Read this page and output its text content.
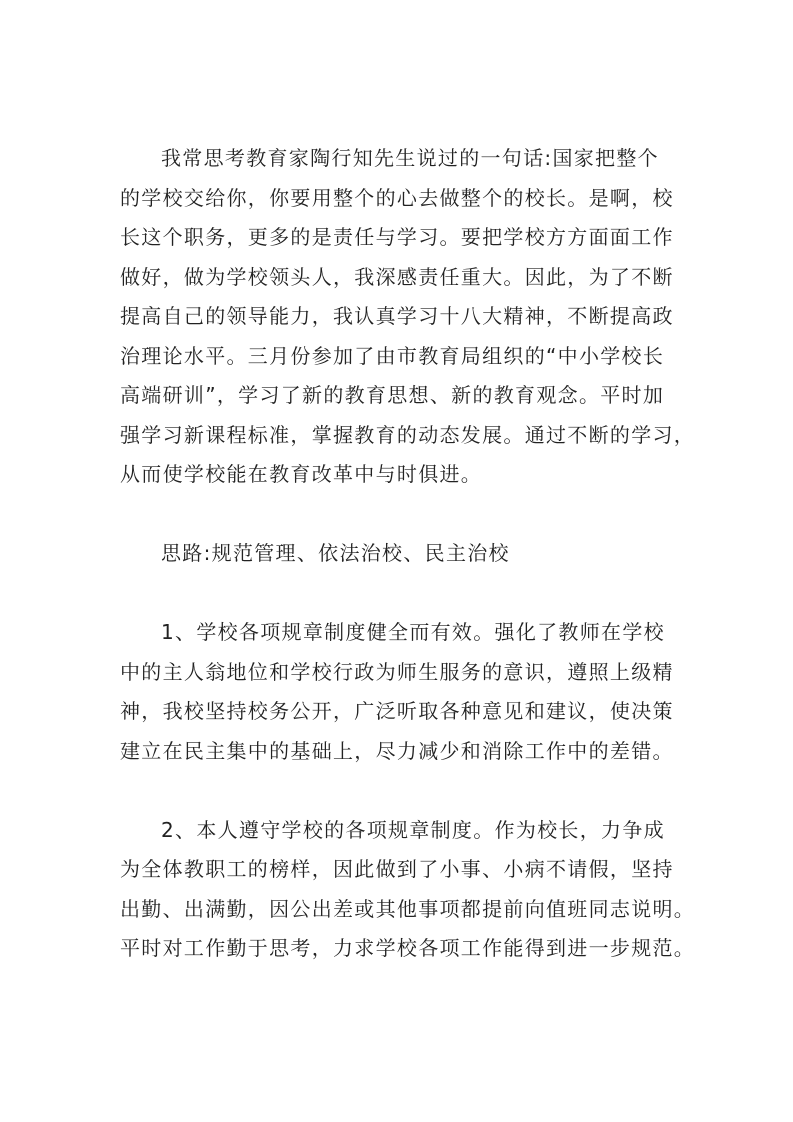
我常思考教育家陶行知先生说过的一句话:国家把整个
的学校交给你，你要用整个的心去做整个的校长。是啊，校
长这个职务，更多的是责任与学习。要把学校方方面面工作
做好，做为学校领头人，我深感责任重大。因此，为了不断
提高自己的领导能力，我认真学习十八大精神，不断提高政
治理论水平。三月份参加了由市教育局组织的“中小学校长
高端研训”，学习了新的教育思想、新的教育观念。平时加
强学习新课程标准，掌握教育的动态发展。通过不断的学习，
从而使学校能在教育改革中与时俱进。

思路:规范管理、依法治校、民主治校

1、学校各项规章制度健全而有效。强化了教师在学校
中的主人翁地位和学校行政为师生服务的意识，遵照上级精
神，我校坚持校务公开，广泛听取各种意见和建议，使决策
建立在民主集中的基础上，尽力减少和消除工作中的差错。

2、本人遵守学校的各项规章制度。作为校长，力争成
为全体教职工的榜样，因此做到了小事、小病不请假，坚持
出勤、出满勤，因公出差或其他事项都提前向值班同志说明。
平时对工作勤于思考，力求学校各项工作能得到进一步规范。
